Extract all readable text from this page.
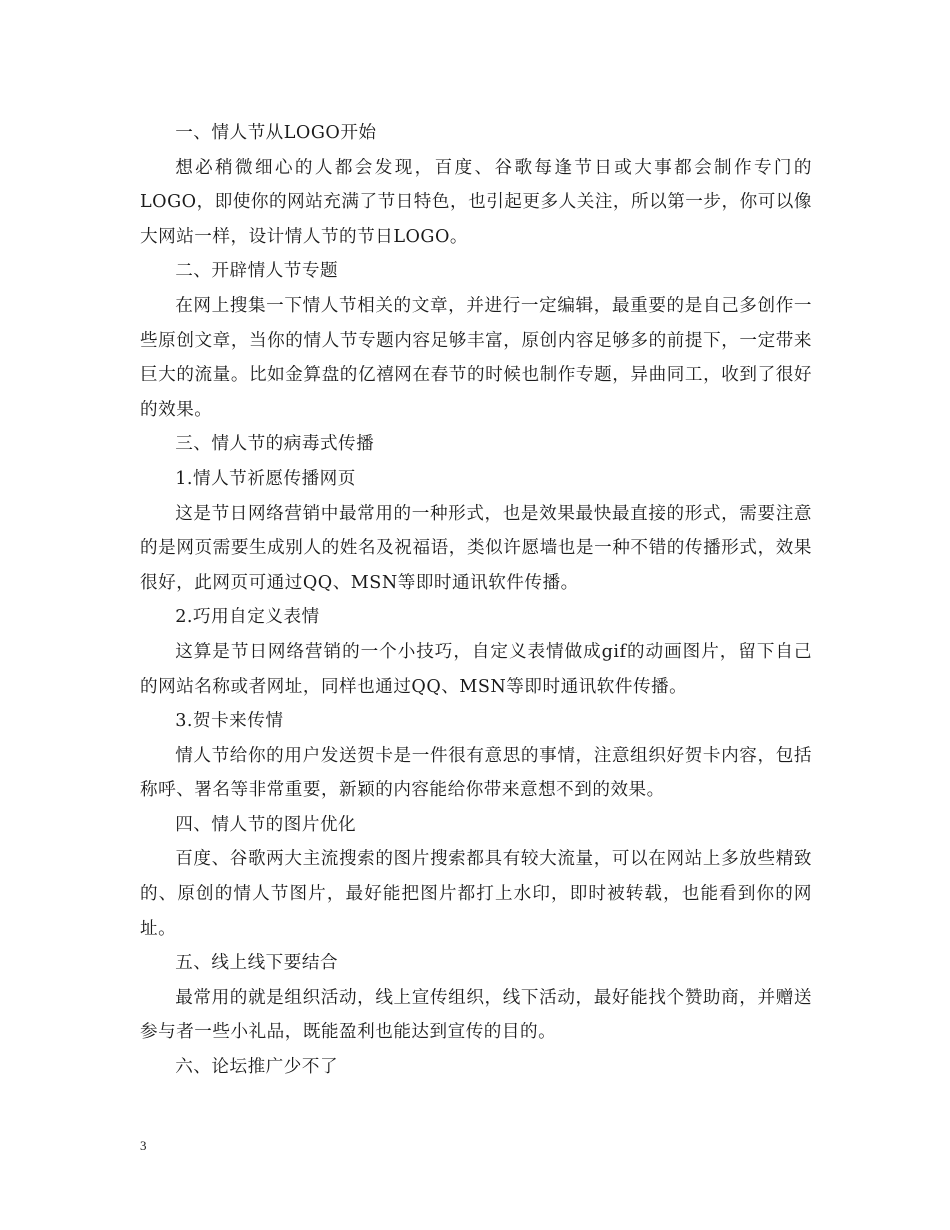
一、情人节从LOGO开始

想必稍微细心的人都会发现，百度、谷歌每逢节日或大事都会制作专门的LOGO，即使你的网站充满了节日特色，也引起更多人关注，所以第一步，你可以像大网站一样，设计情人节的节日LOGO。

二、开辟情人节专题

在网上搜集一下情人节相关的文章，并进行一定编辑，最重要的是自己多创作一些原创文章，当你的情人节专题内容足够丰富，原创内容足够多的前提下，一定带来巨大的流量。比如金算盘的亿禧网在春节的时候也制作专题，异曲同工，收到了很好的效果。

三、情人节的病毒式传播

1.情人节祈愿传播网页

这是节日网络营销中最常用的一种形式，也是效果最快最直接的形式，需要注意的是网页需要生成别人的姓名及祝福语，类似许愿墙也是一种不错的传播形式，效果很好，此网页可通过QQ、MSN等即时通讯软件传播。

2.巧用自定义表情

这算是节日网络营销的一个小技巧，自定义表情做成gif的动画图片，留下自己的网站名称或者网址，同样也通过QQ、MSN等即时通讯软件传播。

3.贺卡来传情

情人节给你的用户发送贺卡是一件很有意思的事情，注意组织好贺卡内容，包括称呼、署名等非常重要，新颖的内容能给你带来意想不到的效果。

四、情人节的图片优化

百度、谷歌两大主流搜索的图片搜索都具有较大流量，可以在网站上多放些精致的、原创的情人节图片，最好能把图片都打上水印，即时被转载，也能看到你的网址。

五、线上线下要结合

最常用的就是组织活动，线上宣传组织，线下活动，最好能找个赞助商，并赠送参与者一些小礼品，既能盈利也能达到宣传的目的。

六、论坛推广少不了

3
